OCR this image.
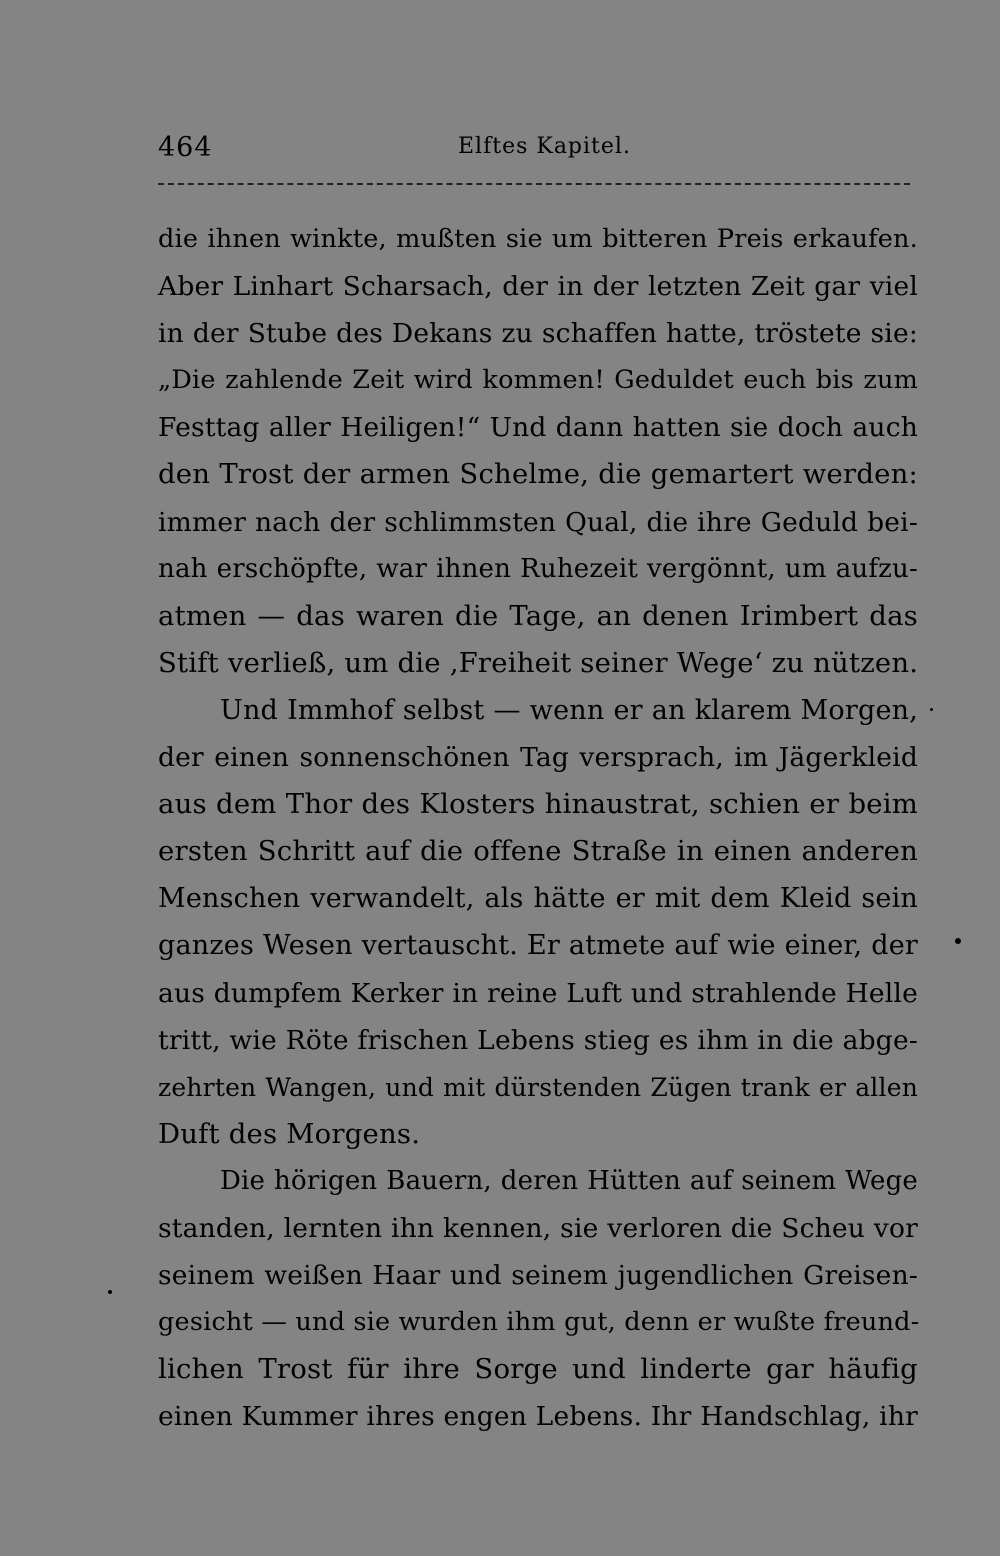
464	Elftes Kapitel.
die ihnen winkte, mußten sie um bitteren Preis erkaufen.
Aber Linhart Scharsach, der in der letzten Zeit gar viel
in der Stube des Dekans zu schaffen hatte, tröstete sie:
„Die zahlende Zeit wird kommen! Geduldet euch bis zum
Festtag aller Heiligen!“ Und dann hatten sie doch auch
den Trost der armen Schelme, die gemartert werden:
immer nach der schlimmsten Qual, die ihre Geduld bei-
nah erschöpfte, war ihnen Ruhezeit vergönnt, um aufzu-
atmen — das waren die Tage, an denen Irimbert das
Stift verließ, um die ‚Freiheit seiner Wege‘ zu nützen.
Und Immhof selbst — wenn er an klarem Morgen,
der einen sonnenschönen Tag versprach, im Jägerkleid
aus dem Thor des Klosters hinaustrat, schien er beim
ersten Schritt auf die offene Straße in einen anderen
Menschen verwandelt, als hätte er mit dem Kleid sein
ganzes Wesen vertauscht. Er atmete auf wie einer, der
aus dumpfem Kerker in reine Luft und strahlende Helle
tritt, wie Röte frischen Lebens stieg es ihm in die abge-
zehrten Wangen, und mit dürstenden Zügen trank er allen
Duft des Morgens.
Die hörigen Bauern, deren Hütten auf seinem Wege
standen, lernten ihn kennen, sie verloren die Scheu vor
seinem weißen Haar und seinem jugendlichen Greisen-
gesicht — und sie wurden ihm gut, denn er wußte freund-
lichen Trost für ihre Sorge und linderte gar häufig
einen Kummer ihres engen Lebens. Ihr Handschlag, ihr
